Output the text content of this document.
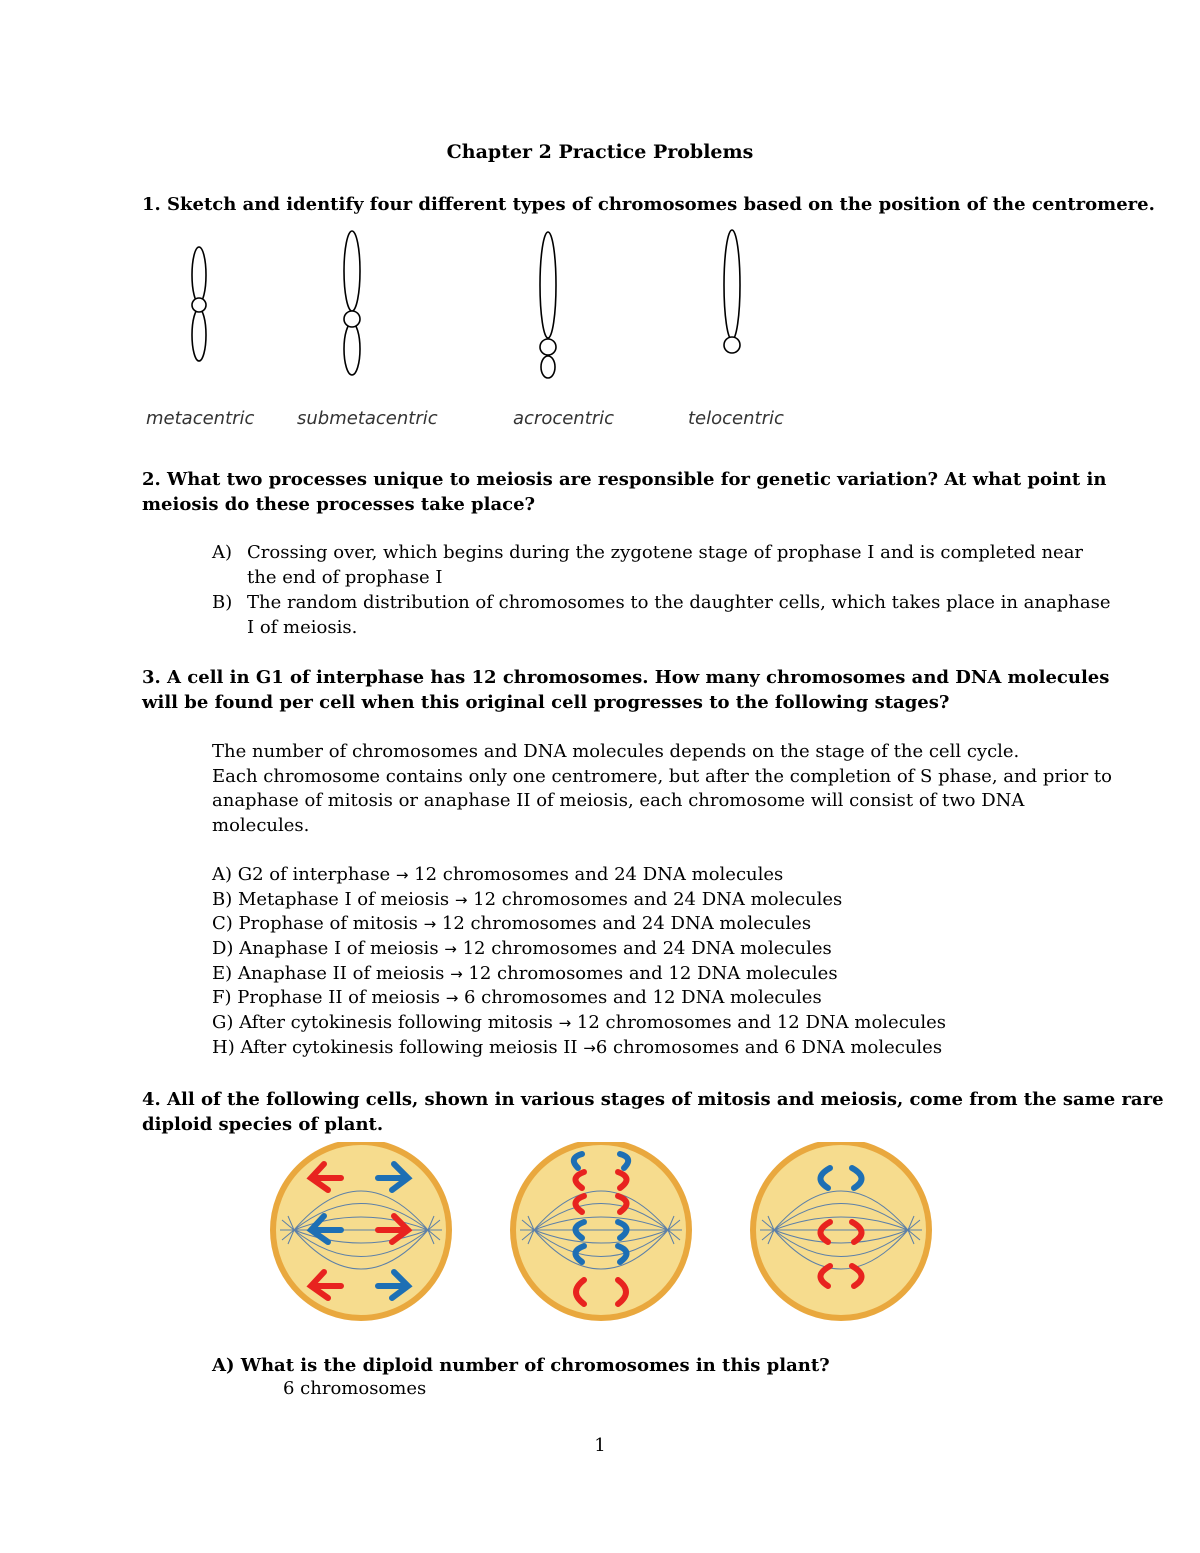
Chapter 2 Practice Problems
1. Sketch and identify four different types of chromosomes based on the position of the centromere.
metacentric submetacentric	acrocentric	telocentric
2. What two processes unique to meiosis are responsible for genetic variation? At what point in
meiosis do these processes take place?
A) Crossing over, which begins during the zygotene stage of prophase I and is completed near
the end of prophase I
B) The random distribution of chromosomes to the daughter cells, which takes place in anaphase
I of meiosis.
3. A cell in G1 of interphase has 12 chromosomes. How many chromosomes and DNA molecules
will be found per cell when this original cell progresses to the following stages?
The number of chromosomes and DNA molecules depends on the stage of the cell cycle.
Each chromosome contains only one centromere, but after the completion of S phase, and prior to
anaphase of mitosis or anaphase II of meiosis, each chromosome will consist of two DNA
molecules.
A) G2 of interphase → 12 chromosomes and 24 DNA molecules
B) Metaphase I of meiosis → 12 chromosomes and 24 DNA molecules
C) Prophase of mitosis → 12 chromosomes and 24 DNA molecules
D) Anaphase I of meiosis → 12 chromosomes and 24 DNA molecules
E) Anaphase II of meiosis → 12 chromosomes and 12 DNA molecules
F) Prophase II of meiosis → 6 chromosomes and 12 DNA molecules
G) After cytokinesis following mitosis → 12 chromosomes and 12 DNA molecules
H) After cytokinesis following meiosis II →6 chromosomes and 6 DNA molecules
4. All of the following cells, shown in various stages of mitosis and meiosis, come from the same rare
diploid species of plant.
A) What is the diploid number of chromosomes in this plant?
6 chromosomes
1
